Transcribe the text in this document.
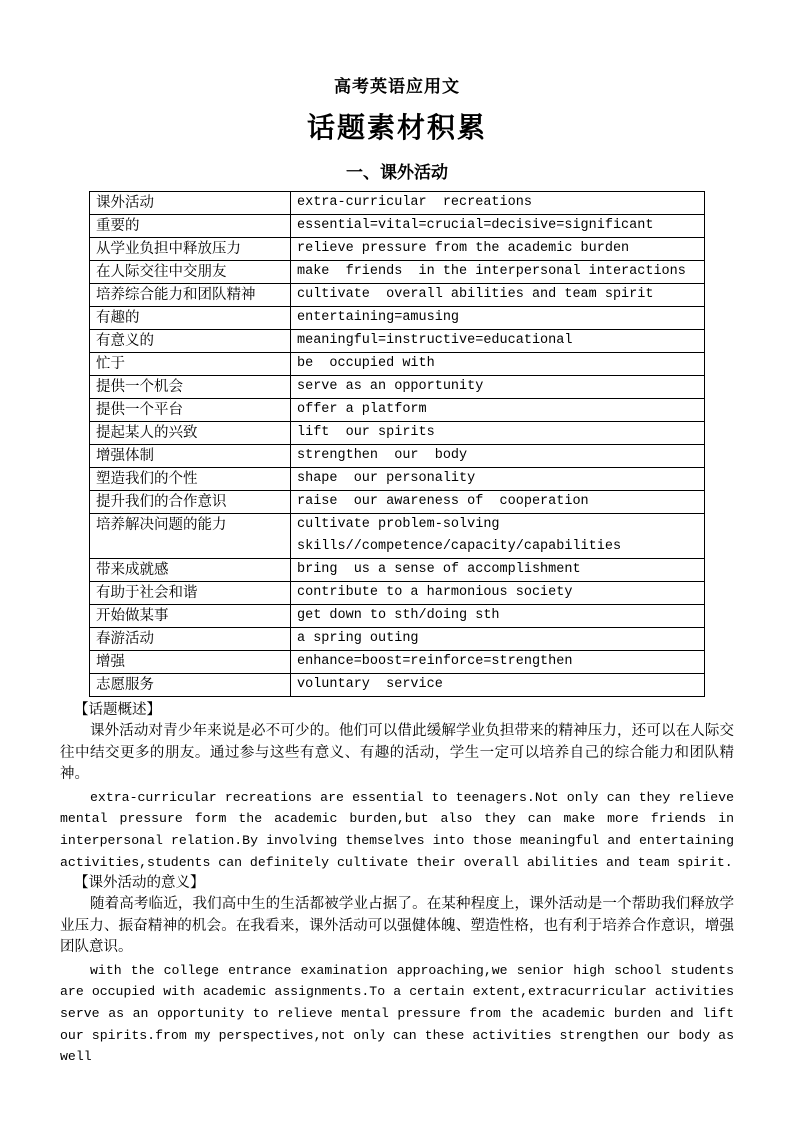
高考英语应用文
话题素材积累
一、课外活动
课外活动	extra-curricular  recreations
重要的	essential=vital=crucial=decisive=significant
从学业负担中释放压力	relieve pressure from the academic burden
在人际交往中交朋友	make  friends  in the interpersonal interactions
培养综合能力和团队精神	cultivate  overall abilities and team spirit
有趣的	entertaining=amusing
有意义的	meaningful=instructive=educational
忙于	be  occupied with
提供一个机会	serve as an opportunity
提供一个平台	offer a platform
提起某人的兴致	lift  our spirits
增强体制	strengthen  our  body
塑造我们的个性	shape  our personality
提升我们的合作意识	raise  our awareness of  cooperation
培养解决问题的能力	cultivate problem-solving skills//competence/capacity/capabilities
带来成就感	bring  us a sense of accomplishment
有助于社会和谐	contribute to a harmonious society
开始做某事	get down to sth/doing sth
春游活动	a spring outing
增强	enhance=boost=reinforce=strengthen
志愿服务	voluntary  service
【话题概述】
课外活动对青少年来说是必不可少的。他们可以借此缓解学业负担带来的精神压力，还可以在人际交往中结交更多的朋友。通过参与这些有意义、有趣的活动，学生一定可以培养自己的综合能力和团队精神。
extra-curricular recreations are essential to teenagers.Not only can they relieve mental pressure form the academic burden,but also they can make more friends in interpersonal relation.By involving themselves into those meaningful and entertaining activities,students can definitely cultivate their overall abilities and team spirit.
【课外活动的意义】
随着高考临近，我们高中生的生活都被学业占据了。在某种程度上，课外活动是一个帮助我们释放学业压力、振奋精神的机会。在我看来，课外活动可以强健体魄、塑造性格，也有利于培养合作意识，增强团队意识。
with the college entrance examination approaching,we senior high school students are occupied with academic assignments.To a certain extent,extracurricular activities serve as an opportunity to relieve mental pressure from the academic burden and lift our spirits.from my perspectives,not only can these activities strengthen our body as well
